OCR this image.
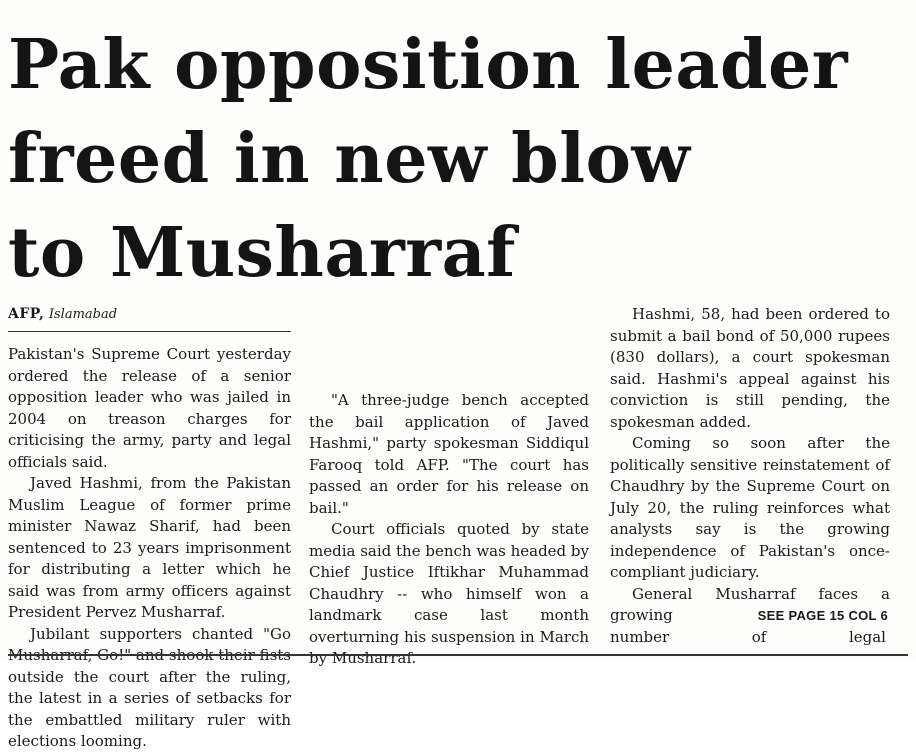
Pak opposition leader
freed in new blow
to Musharraf
AFP, Islamabad

Pakistan's Supreme Court yesterday ordered the release of a senior opposition leader who was jailed in 2004 on treason charges for criticising the army, party and legal officials said.

Javed Hashmi, from the Pakistan Muslim League of former prime minister Nawaz Sharif, had been sentenced to 23 years imprisonment for distributing a letter which he said was from army officers against President Pervez Musharraf.

Jubilant supporters chanted "Go Musharraf, Go!" and shook their fists outside the court after the ruling, the latest in a series of setbacks for the embattled military ruler with elections looming.

"A three-judge bench accepted the bail application of Javed Hashmi," party spokesman Siddiqul Farooq told AFP. "The court has passed an order for his release on bail."

Court officials quoted by state media said the bench was headed by Chief Justice Iftikhar Muhammad Chaudhry -- who himself won a landmark case last month overturning his suspension in March by Musharraf.

Hashmi, 58, had been ordered to submit a bail bond of 50,000 rupees (830 dollars), a court spokesman said. Hashmi's appeal against his conviction is still pending, the spokesman added.

Coming so soon after the politically sensitive reinstatement of Chaudhry by the Supreme Court on July 20, the ruling reinforces what analysts say is the growing independence of Pakistan's once-compliant judiciary.

General Musharraf faces a growing

number	of	legal
SEE PAGE 15 COL 6
